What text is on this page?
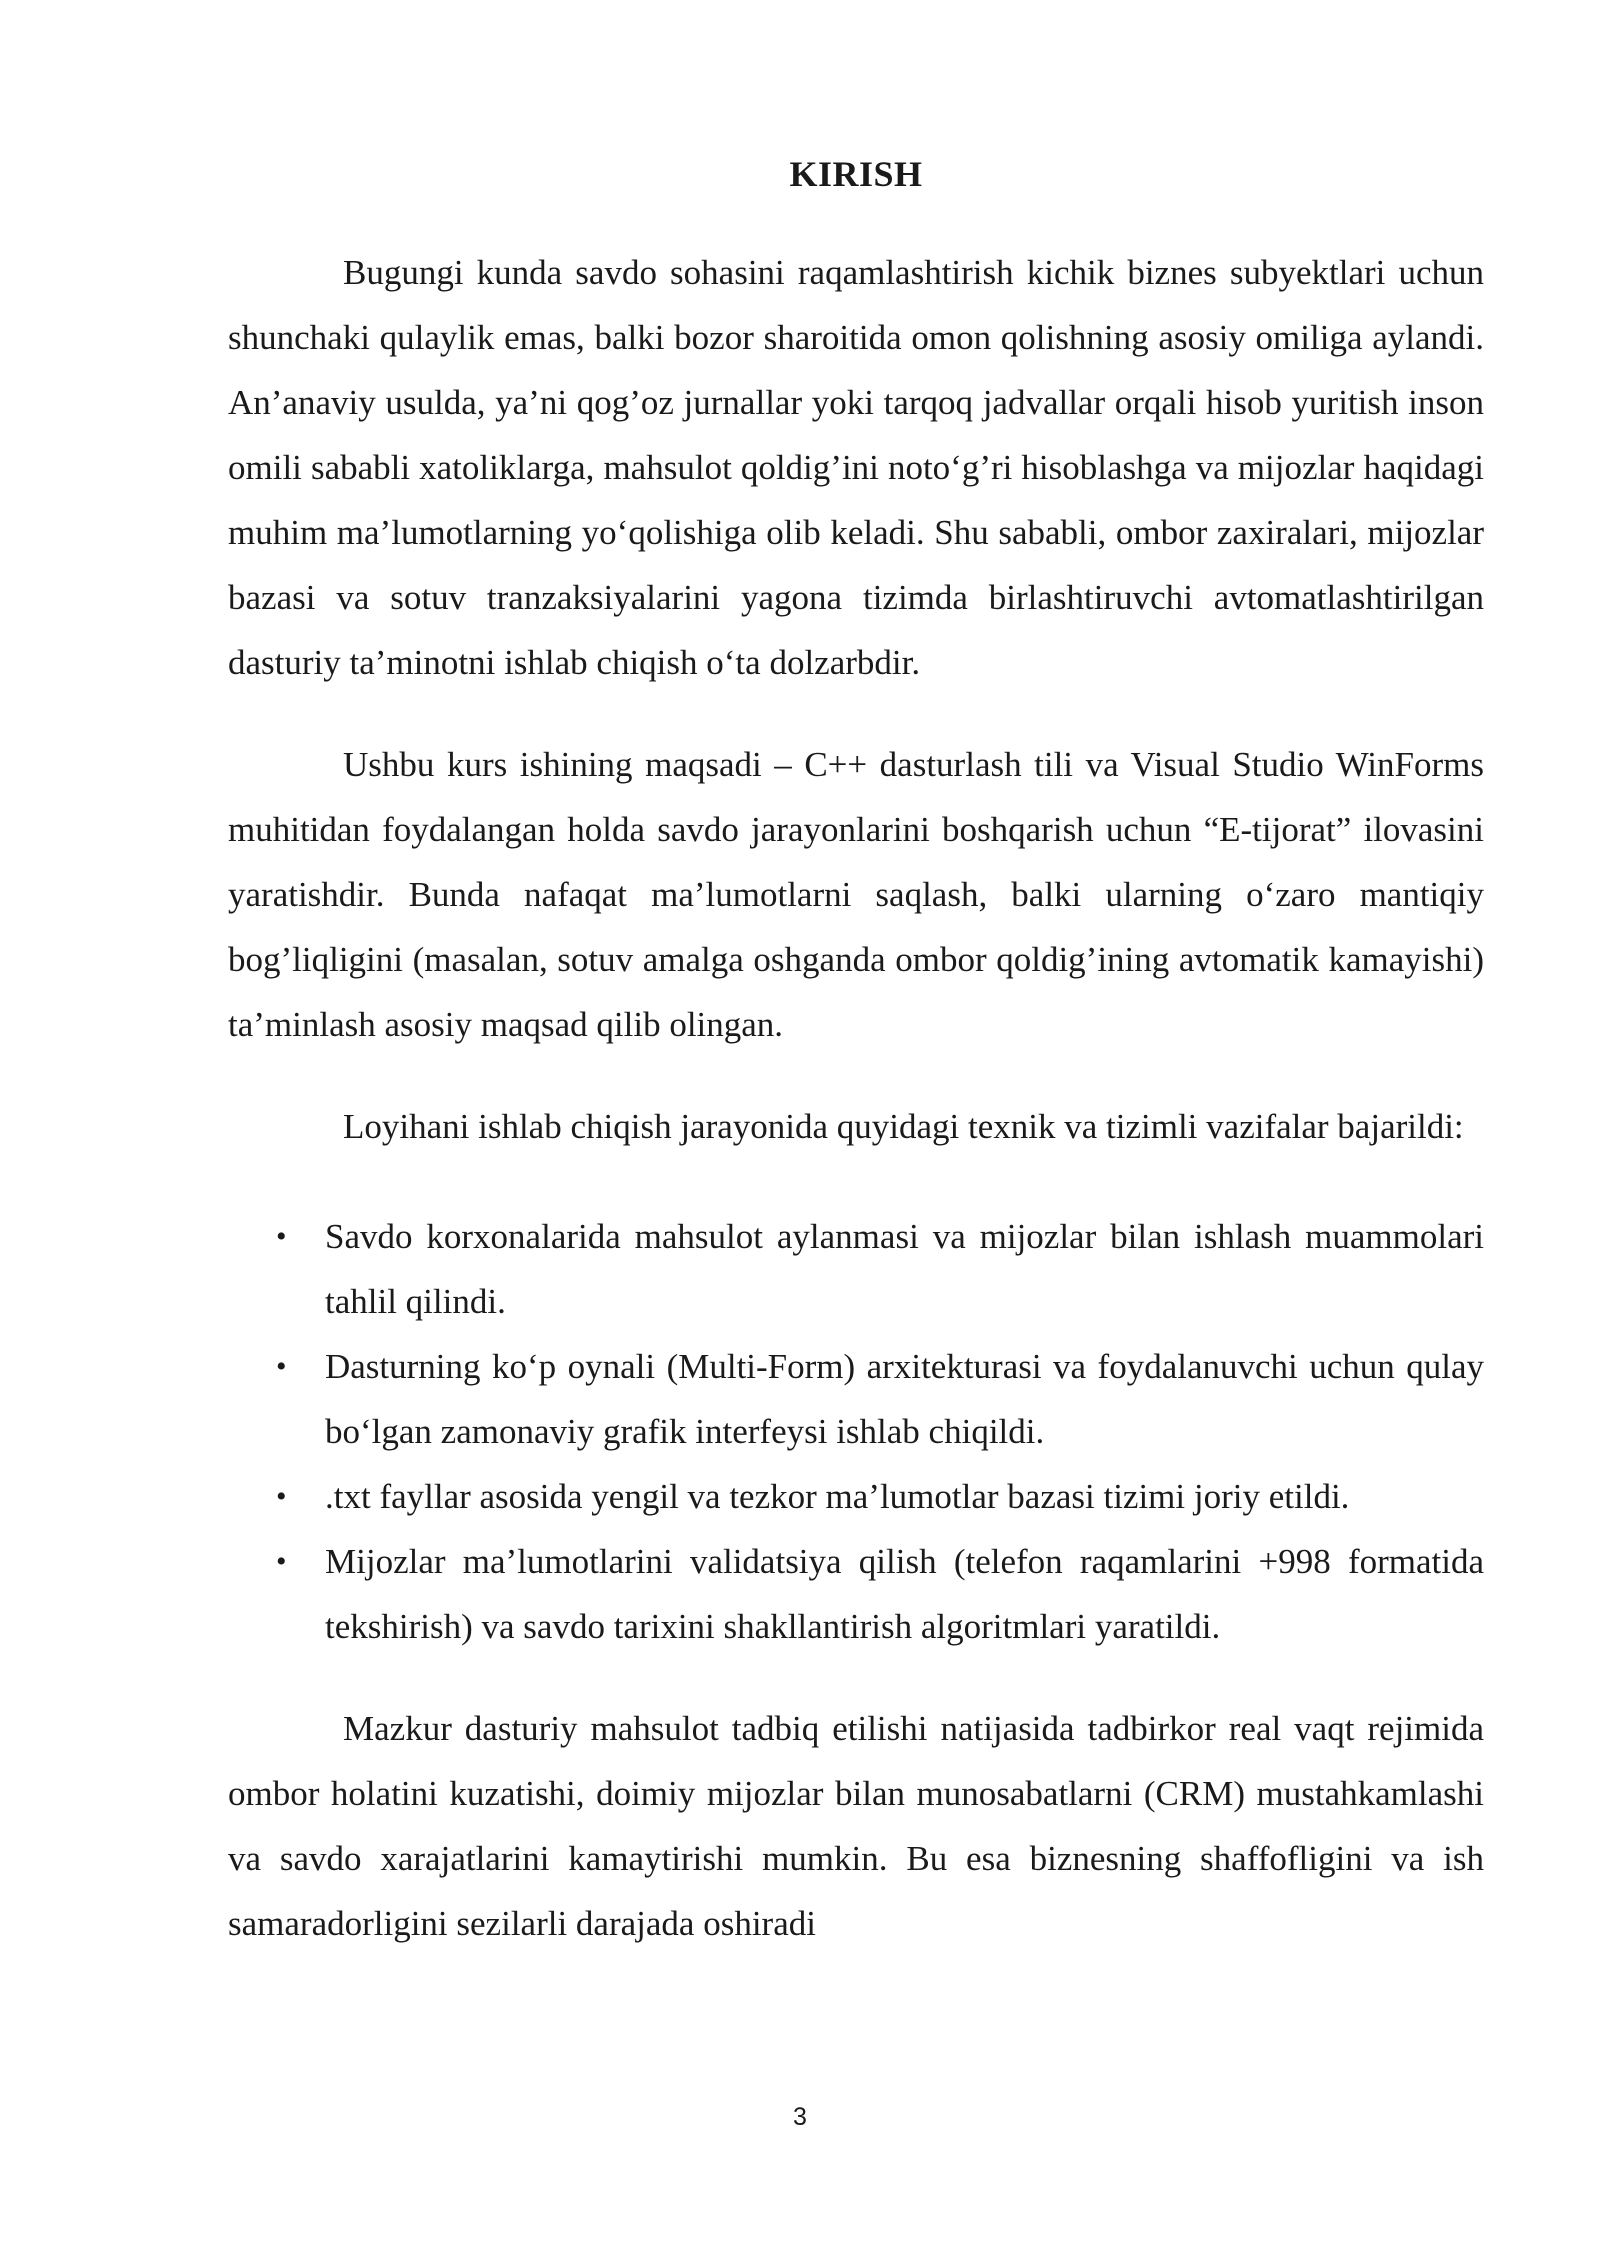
KIRISH

Bugungi kunda savdo sohasini raqamlashtirish kichik biznes subyektlari uchun shunchaki qulaylik emas, balki bozor sharoitida omon qolishning asosiy omiliga aylandi. An’anaviy usulda, ya’ni qog’oz jurnallar yoki tarqoq jadvallar orqali hisob yuritish inson omili sababli xatoliklarga, mahsulot qoldig’ini noto‘g’ri hisoblashga va mijozlar haqidagi muhim ma’lumotlarning yo‘qolishiga olib keladi. Shu sababli, ombor zaxiralari, mijozlar bazasi va sotuv tranzaksiyalarini yagona tizimda birlashtiruvchi avtomatlashtirilgan dasturiy ta’minotni ishlab chiqish o‘ta dolzarbdir.

Ushbu kurs ishining maqsadi – C++ dasturlash tili va Visual Studio WinForms muhitidan foydalangan holda savdo jarayonlarini boshqarish uchun “E-tijorat” ilovasini yaratishdir. Bunda nafaqat ma’lumotlarni saqlash, balki ularning o‘zaro mantiqiy bog’liqligini (masalan, sotuv amalga oshganda ombor qoldig’ining avtomatik kamayishi) ta’minlash asosiy maqsad qilib olingan.

Loyihani ishlab chiqish jarayonida quyidagi texnik va tizimli vazifalar bajarildi:

• Savdo korxonalarida mahsulot aylanmasi va mijozlar bilan ishlash muammolari tahlil qilindi.
• Dasturning ko‘p oynali (Multi-Form) arxitekturasi va foydalanuvchi uchun qulay bo‘lgan zamonaviy grafik interfeysi ishlab chiqildi.
• .txt fayllar asosida yengil va tezkor ma’lumotlar bazasi tizimi joriy etildi.
• Mijozlar ma’lumotlarini validatsiya qilish (telefon raqamlarini +998 formatida tekshirish) va savdo tarixini shakllantirish algoritmlari yaratildi.

Mazkur dasturiy mahsulot tadbiq etilishi natijasida tadbirkor real vaqt rejimida ombor holatini kuzatishi, doimiy mijozlar bilan munosabatlarni (CRM) mustahkamlashi va savdo xarajatlarini kamaytirishi mumkin. Bu esa biznesning shaffofligini va ish samaradorligini sezilarli darajada oshiradi

3
